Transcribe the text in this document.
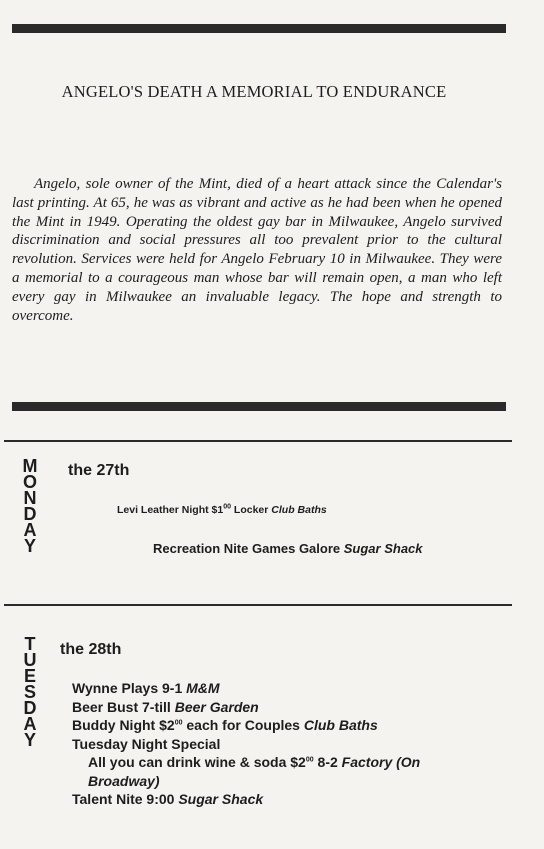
ANGELO'S DEATH A MEMORIAL TO ENDURANCE

Angelo, sole owner of the Mint, died of a heart attack since the Calendar's last printing. At 65, he was as vibrant and active as he had been when he opened the Mint in 1949. Operating the oldest gay bar in Milwaukee, Angelo survived discrimination and social pressures all too prevalent prior to the cultural revolution. Services were held for Angelo February 10 in Milwaukee. They were a memorial to a courageous man whose bar will remain open, a man who left every gay in Milwaukee an invaluable legacy. The hope and strength to overcome.

M
O
N
D
A
Y
the 27th
Levi Leather Night $\$1^{00}$ Locker Club Baths
Recreation Nite Games Galore Sugar Shack
T
U
E
S
D
A
Y
the 28th
Wynne Plays 9-1 M&M
Beer Bust 7-till Beer Garden
Buddy Night $\$2^{00}$ each for Couples Club Baths
Tuesday Night Special
All you can drink wine & soda $\$2^{00}$ 8-2 Factory (On
Broadway)
Talent Nite 9:00 Sugar Shack
